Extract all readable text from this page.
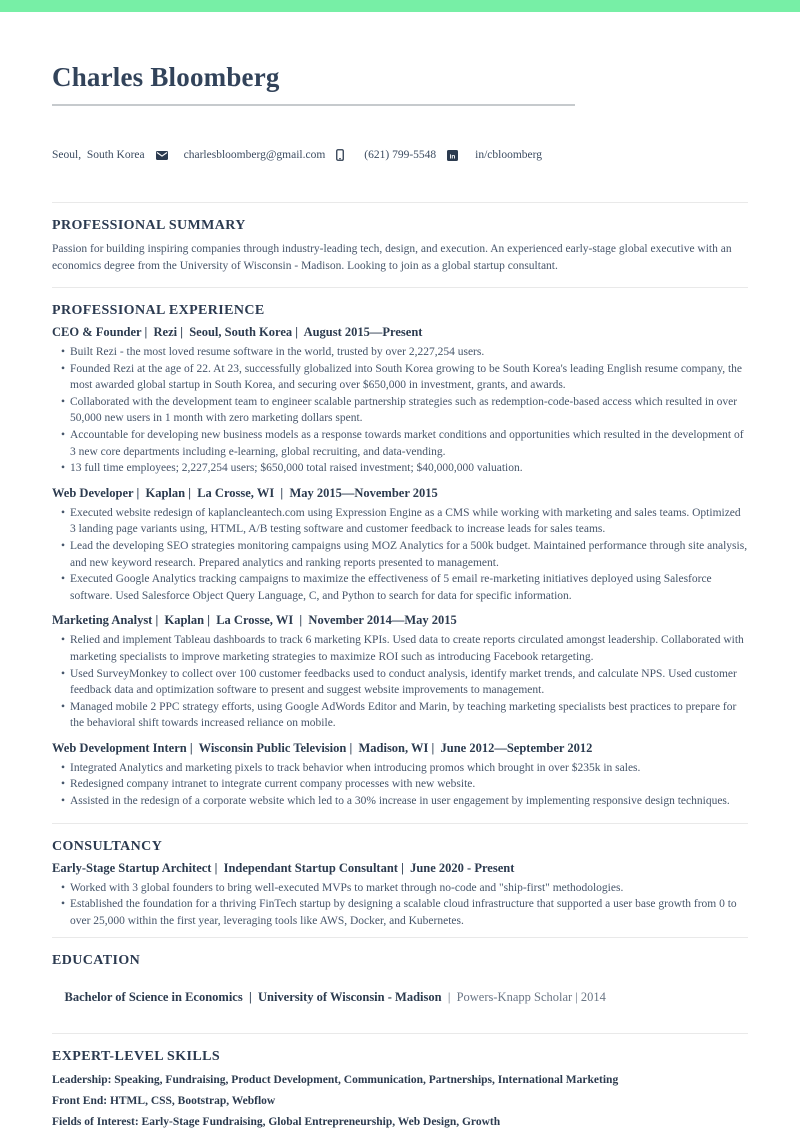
Charles Bloomberg
Seoul,  South Korea

	charlesbloomberg@gmail.com

	(621) 799-5548

in

in/cbloomberg
PROFESSIONAL SUMMARY

Passion for building inspiring companies through industry-leading tech, design, and execution. An experienced early-stage global executive with an economics degree from the University of Wisconsin - Madison. Looking to join as a global startup consultant.

PROFESSIONAL EXPERIENCE
CEO & Founder |  Rezi |  Seoul, South Korea |  August 2015—Present
• Built Rezi - the most loved resume software in the world, trusted by over 2,227,254 users.
• Founded Rezi at the age of 22. At 23, successfully globalized into South Korea growing to be South Korea's leading English resume company, the most awarded global startup in South Korea, and securing over $650,000 in investment, grants, and awards.
• Collaborated with the development team to engineer scalable partnership strategies such as redemption-code-based access which resulted in over 50,000 new users in 1 month with zero marketing dollars spent.
• Accountable for developing new business models as a response towards market conditions and opportunities which resulted in the development of 3 new core departments including e-learning, global recruiting, and data-vending.
• 13 full time employees; 2,227,254 users; $650,000 total raised investment; $40,000,000 valuation.
Web Developer |  Kaplan |  La Crosse, WI  |  May 2015—November 2015
• Executed website redesign of kaplancleantech.com using Expression Engine as a CMS while working with marketing and sales teams. Optimized 3 landing page variants using, HTML, A/B testing software and customer feedback to increase leads for sales teams.
• Lead the developing SEO strategies monitoring campaigns using MOZ Analytics for a 500k budget. Maintained performance through site analysis, and new keyword research. Prepared analytics and ranking reports presented to management.
• Executed Google Analytics tracking campaigns to maximize the effectiveness of 5 email re-marketing initiatives deployed using Salesforce software. Used Salesforce Object Query Language, C, and Python to search for data for specific information.
Marketing Analyst |  Kaplan |  La Crosse, WI  |  November 2014—May 2015
• Relied and implement Tableau dashboards to track 6 marketing KPIs. Used data to create reports circulated amongst leadership. Collaborated with marketing specialists to improve marketing strategies to maximize ROI such as introducing Facebook retargeting.
• Used SurveyMonkey to collect over 100 customer feedbacks used to conduct analysis, identify market trends, and calculate NPS. Used customer feedback data and optimization software to present and suggest website improvements to management.
• Managed mobile 2 PPC strategy efforts, using Google AdWords Editor and Marin, by teaching marketing specialists best practices to prepare for the behavioral shift towards increased reliance on mobile.
Web Development Intern |  Wisconsin Public Television |  Madison, WI |  June 2012—September 2012
• Integrated Analytics and marketing pixels to track behavior when introducing promos which brought in over $235k in sales.
• Redesigned company intranet to integrate current company processes with new website.
• Assisted in the redesign of a corporate website which led to a 30% increase in user engagement by implementing responsive design techniques.
CONSULTANCY
Early-Stage Startup Architect |  Independant Startup Consultant |  June 2020 - Present
• Worked with 3 global founders to bring well-executed MVPs to market through no-code and "ship-first" methodologies.
• Established the foundation for a thriving FinTech startup by designing a scalable cloud infrastructure that supported a user base growth from 0 to over 25,000 within the first year, leveraging tools like AWS, Docker, and Kubernetes.
EDUCATION

Bachelor of Science in Economics  |  University of Wisconsin - Madison  |  Powers-Knapp Scholar | 2014

EXPERT-LEVEL SKILLS

Leadership: Speaking, Fundraising, Product Development, Communication, Partnerships, International Marketing

Front End: HTML, CSS, Bootstrap, Webflow

Fields of Interest: Early-Stage Fundraising, Global Entrepreneurship, Web Design, Growth
